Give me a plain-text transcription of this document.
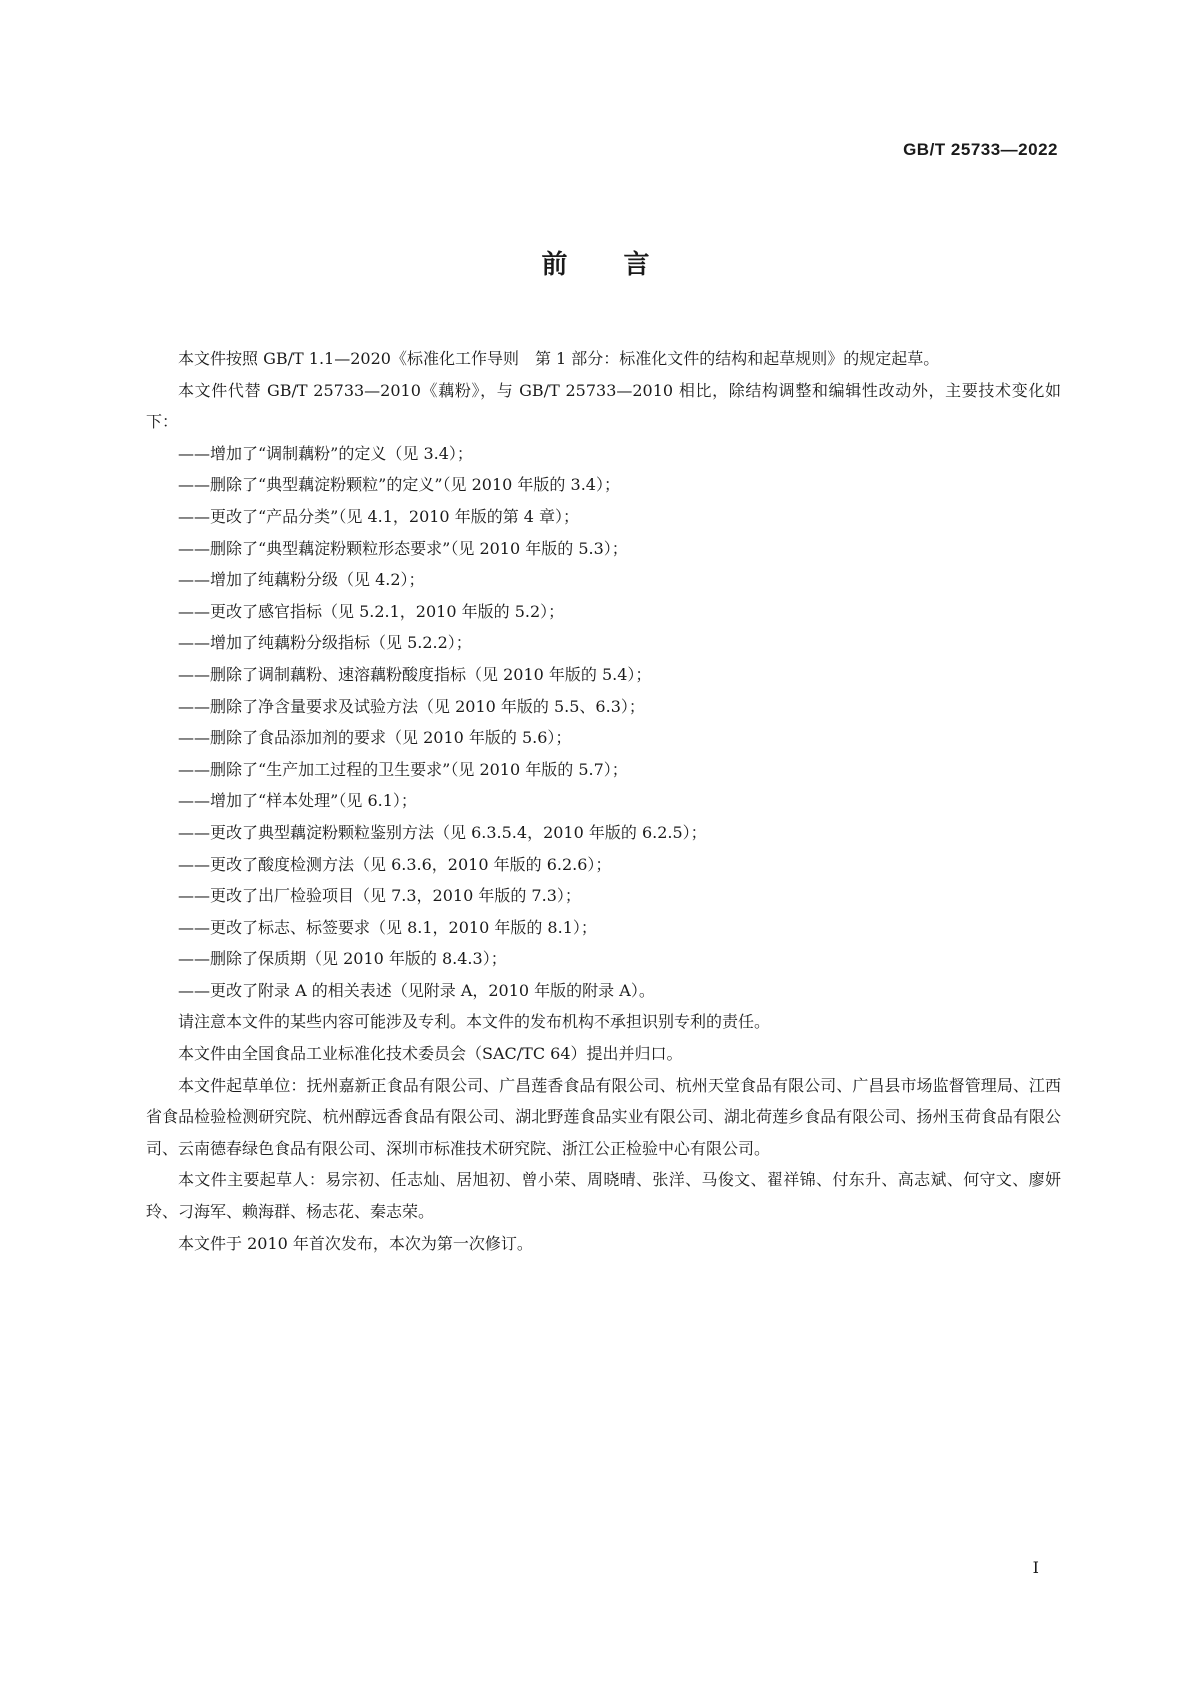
GB/T 25733—2022
前言

本文件按照 GB/T 1.1—2020《标准化工作导则　第 1 部分：标准化文件的结构和起草规则》的规定起草。

本文件代替 GB/T 25733—2010《藕粉》，与 GB/T 25733—2010 相比，除结构调整和编辑性改动外，主要技术变化如下：

——增加了“调制藕粉”的定义（见 3.4）；

——删除了“典型藕淀粉颗粒”的定义”（见 2010 年版的 3.4）；

——更改了“产品分类”（见 4.1，2010 年版的第 4 章）；

——删除了“典型藕淀粉颗粒形态要求”（见 2010 年版的 5.3）；

——增加了纯藕粉分级（见 4.2）；

——更改了感官指标（见 5.2.1，2010 年版的 5.2）；

——增加了纯藕粉分级指标（见 5.2.2）；

——删除了调制藕粉、速溶藕粉酸度指标（见 2010 年版的 5.4）；

——删除了净含量要求及试验方法（见 2010 年版的 5.5、6.3）；

——删除了食品添加剂的要求（见 2010 年版的 5.6）；

——删除了“生产加工过程的卫生要求”（见 2010 年版的 5.7）；

——增加了“样本处理”（见 6.1）；

——更改了典型藕淀粉颗粒鉴别方法（见 6.3.5.4，2010 年版的 6.2.5）；

——更改了酸度检测方法（见 6.3.6，2010 年版的 6.2.6）；

——更改了出厂检验项目（见 7.3，2010 年版的 7.3）；

——更改了标志、标签要求（见 8.1，2010 年版的 8.1）；

——删除了保质期（见 2010 年版的 8.4.3）；

——更改了附录 A 的相关表述（见附录 A，2010 年版的附录 A）。

请注意本文件的某些内容可能涉及专利。本文件的发布机构不承担识别专利的责任。

本文件由全国食品工业标准化技术委员会（SAC/TC 64）提出并归口。

本文件起草单位：抚州嘉新正食品有限公司、广昌莲香食品有限公司、杭州天堂食品有限公司、广昌县市场监督管理局、江西省食品检验检测研究院、杭州醇远香食品有限公司、湖北野莲食品实业有限公司、湖北荷莲乡食品有限公司、扬州玉荷食品有限公司、云南德春绿色食品有限公司、深圳市标准技术研究院、浙江公正检验中心有限公司。

本文件主要起草人：易宗初、任志灿、居旭初、曾小荣、周晓晴、张洋、马俊文、翟祥锦、付东升、高志斌、何守文、廖妍玲、刁海军、赖海群、杨志花、秦志荣。

本文件于 2010 年首次发布，本次为第一次修订。

I
